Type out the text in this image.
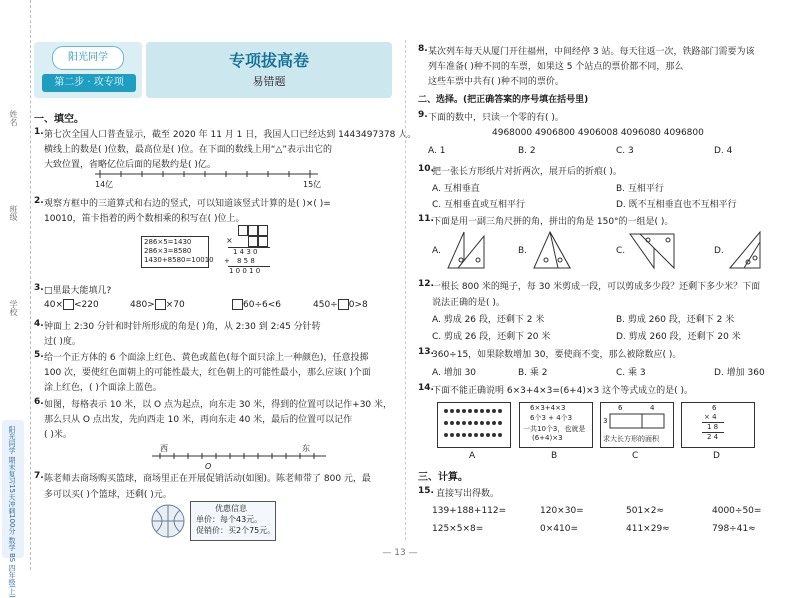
姓名
班级
学校
阳光同学 期末复习15天冲刺100分 数学 BS 四年级(上)
阳光同学
第二步 · 攻专项
专项拔高卷
易错题
一、填空。
1. 第七次全国人口普查显示，截至 2020 年 11 月 1 日，我国人口已经达到 1443497378 人。
横线上的数是( )位数，最高位是( )位。在下面的数线上用“△”表示出它的
大致位置，省略亿位后面的尾数约是( )亿。
14亿	15亿
2. 观察方框中的三道算式和右边的竖式，可以知道该竖式计算的是( )×( )=
10010，笛卡指着的两个数相乘的积写在( )位上。
286×5=1430
286×3=8580
1430+8580=10010
×
1 4 3 0
+ 8 5 8
1 0 0 1 0
3. □里最大能填几?
40× <220	480> ×70	60÷6<6	450÷ 0>8
4. 钟面上 2:30 分针和时针所形成的角是( )角，从 2:30 到 2:45 分针转
过( )度。
5. 给一个正方体的 6 个面涂上红色、黄色或蓝色(每个面只涂上一种颜色)，任意投掷
100 次，要使红色面朝上的可能性最大，红色朝上的可能性最小，那么应该( )个面
涂上红色，( )个面涂上蓝色。
6. 如图，每格表示 10 米，以 O 点为起点，向东走 30 米，得到的位置可以记作+30 米，
那么只从 O 点出发，先向西走 10 米，再向东走 40 米，最后的位置可以记作
( )米。
西	东
O
7. 陈老师去商场购买篮球，商场里正在开展促销活动(如图)。陈老师带了 800 元，最
多可以买( )个篮球，还剩( )元。
优惠信息
单价：每个43元。
促销价：买2个75元。
8. 某次列车每天从厦门开往福州，中间经停 3 站。每天往返一次，铁路部门需要为该
列车准备( )种不同的车票，如果这 5 个站点的票价都不同，那么
这些车票中共有( )种不同的票价。
二、选择。(把正确答案的序号填在括号里)
9. 下面的数中，只读一个零的有( )。
4968000 4906800 4906008 4096080 4096800
A. 1	B. 2	C. 3	D. 4
10.
把一张长方形纸片对折两次，展开后的折痕( )。
A. 互相垂直	B. 互相平行
C. 互相垂直或互相平行	D. 既不互相垂直也不互相平行
11.
下面是用一副三角尺拼的角，拼出的角是 150°的一组是( )。
A.	B.	C.	D.
12.
一根长 800 米的绳子，每 30 米剪成一段，可以剪成多少段？还剩下多少米？下面
说法正确的是( )。
A. 剪成 26 段，还剩下 2 米	B. 剪成 260 段，还剩下 2 米
C. 剪成 26 段，还剩下 20 米	D. 剪成 260 段，还剩下 20 米
13.
360÷15，如果除数增加 30，要使商不变，那么被除数应( )。
A. 增加 30	B. 乘 2	C. 乘 3	D. 增加 360
14.
下面不能正确说明 6×3+4×3=(6+4)×3 这个等式成立的是( )。
A
6×3+4×3
6个3 + 4个3
一共10个3，也就是
(6+4)×3
B
6	4
3
求大长方形的面积
C
6
× 4
1 8
2 4
D
三、计算。
15. 直接写出得数。
139+188+112=	120×30=	501×2≈	4000÷50=
125×5×8=	0×410=	411×29≈	798÷41≈
— 13 —
